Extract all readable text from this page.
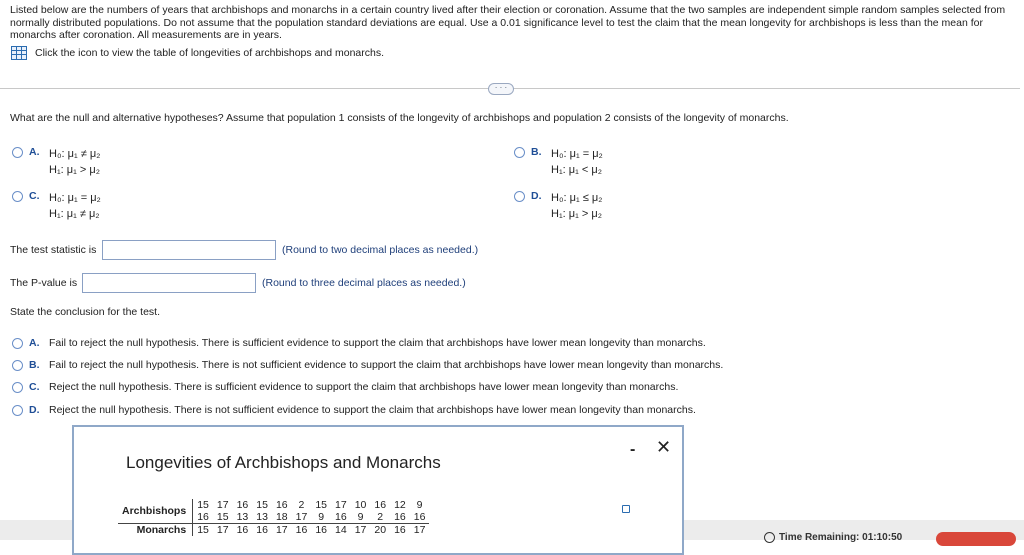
Listed below are the numbers of years that archbishops and monarchs in a certain country lived after their election or coronation. Assume that the two samples are independent simple random samples selected from normally distributed populations. Do not assume that the population standard deviations are equal. Use a 0.01 significance level to test the claim that the mean longevity for archbishops is less than the mean for monarchs after coronation. All measurements are in years.
Click the icon to view the table of longevities of archbishops and monarchs.
· · ·
What are the null and alternative hypotheses? Assume that population 1 consists of the longevity of archbishops and population 2 consists of the longevity of monarchs.
A. H₀: μ₁ ≠ μ₂
H₁: μ₁ > μ₂
B. H₀: μ₁ = μ₂
H₁: μ₁ < μ₂
C. H₀: μ₁ = μ₂
H₁: μ₁ ≠ μ₂
D. H₀: μ₁ ≤ μ₂
H₁: μ₁ > μ₂
The test statistic is	(Round to two decimal places as needed.)
The P-value is	(Round to three decimal places as needed.)
State the conclusion for the test.
A. Fail to reject the null hypothesis. There is sufficient evidence to support the claim that archbishops have lower mean longevity than monarchs.
B. Fail to reject the null hypothesis. There is not sufficient evidence to support the claim that archbishops have lower mean longevity than monarchs.
C. Reject the null hypothesis. There is sufficient evidence to support the claim that archbishops have lower mean longevity than monarchs.
D. Reject the null hypothesis. There is not sufficient evidence to support the claim that archbishops have lower mean longevity than monarchs.
Time Remaining: 01:10:50
Longevities of Archbishops and Monarchs
- ✕
Archbishops	15	17	16	15	16	2	15	17	10	16	12	9
	16	15	13	13	18	17	9	16	9	2	16	16
Monarchs	15	17	16	16	17	16	16	14	17	20	16	17
